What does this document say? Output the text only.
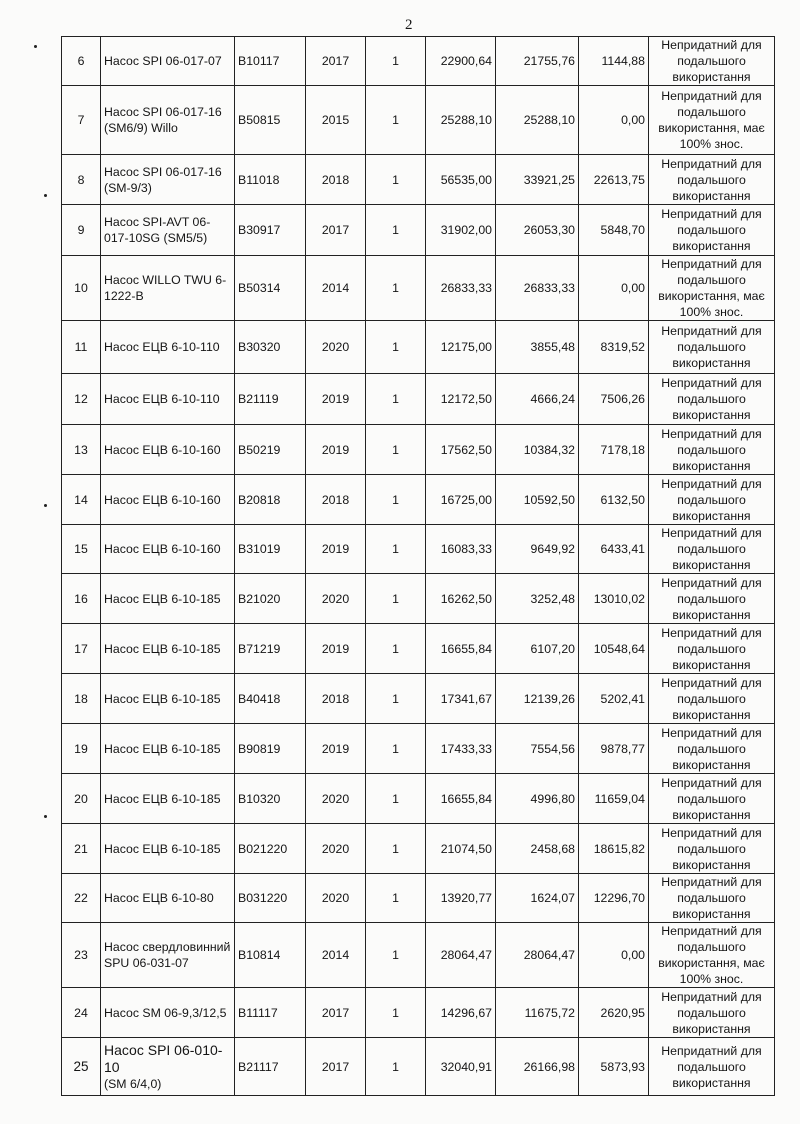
2
6	Насос SPI 06-017-07	B10117	2017	1	22900,64	21755,76	1144,88	Непридатний для подальшого використання
7	Насос SPI 06-017-16 (SM6/9) Willo	B50815	2015	1	25288,10	25288,10	0,00	Непридатний для подальшого використання, має 100% знос.
8	Насос SPI 06-017-16 (SM-9/3)	B11018	2018	1	56535,00	33921,25	22613,75	Непридатний для подальшого використання
9	Насос SPI-AVT 06-017-10SG (SM5/5)	B30917	2017	1	31902,00	26053,30	5848,70	Непридатний для подальшого використання
10	Насос WILLO TWU 6-1222-B	B50314	2014	1	26833,33	26833,33	0,00	Непридатний для подальшого використання, має 100% знос.
11	Насос ЕЦВ 6-10-110	B30320	2020	1	12175,00	3855,48	8319,52	Непридатний для подальшого використання
12	Насос ЕЦВ 6-10-110	B21119	2019	1	12172,50	4666,24	7506,26	Непридатний для подальшого використання
13	Насос ЕЦВ 6-10-160	B50219	2019	1	17562,50	10384,32	7178,18	Непридатний для подальшого використання
14	Насос ЕЦВ 6-10-160	B20818	2018	1	16725,00	10592,50	6132,50	Непридатний для подальшого використання
15	Насос ЕЦВ 6-10-160	B31019	2019	1	16083,33	9649,92	6433,41	Непридатний для подальшого використання
16	Насос ЕЦВ 6-10-185	B21020	2020	1	16262,50	3252,48	13010,02	Непридатний для подальшого використання
17	Насос ЕЦВ 6-10-185	B71219	2019	1	16655,84	6107,20	10548,64	Непридатний для подальшого використання
18	Насос ЕЦВ 6-10-185	B40418	2018	1	17341,67	12139,26	5202,41	Непридатний для подальшого використання
19	Насос ЕЦВ 6-10-185	B90819	2019	1	17433,33	7554,56	9878,77	Непридатний для подальшого використання
20	Насос ЕЦВ 6-10-185	B10320	2020	1	16655,84	4996,80	11659,04	Непридатний для подальшого використання
21	Насос ЕЦВ 6-10-185	B021220	2020	1	21074,50	2458,68	18615,82	Непридатний для подальшого використання
22	Насос ЕЦВ 6-10-80	B031220	2020	1	13920,77	1624,07	12296,70	Непридатний для подальшого використання
23	Насос свердловинний SPU 06-031-07	B10814	2014	1	28064,47	28064,47	0,00	Непридатний для подальшого використання, має 100% знос.
24	Насос SM 06-9,3/12,5	B11117	2017	1	14296,67	11675,72	2620,95	Непридатний для подальшого використання
25	Насос SPI 06-010-10
(SM 6/4,0)	B21117	2017	1	32040,91	26166,98	5873,93	Непридатний для подальшого використання
